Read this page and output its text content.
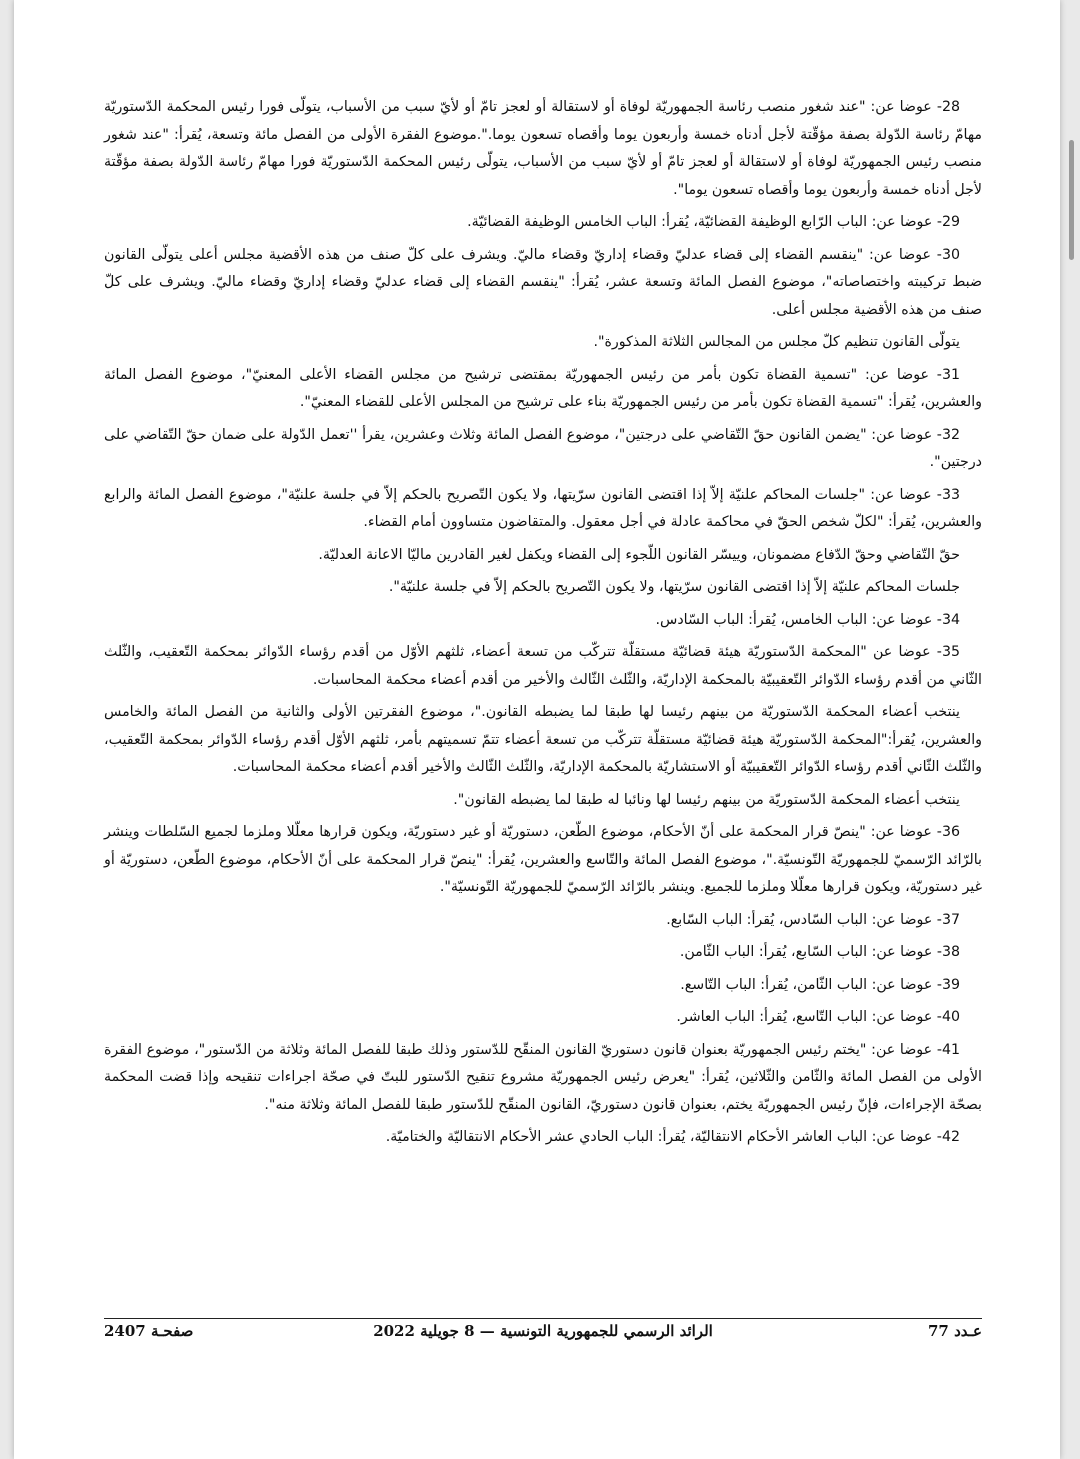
28- عوضا عن: "عند شغور منصب رئاسة الجمهوريّة لوفاة أو لاستقالة أو لعجز تامّ أو لأيّ سبب من الأسباب، يتولّى فورا رئيس المحكمة الدّستوريّة مهامّ رئاسة الدّولة بصفة مؤقّتة لأجل أدناه خمسة وأربعون يوما وأقصاه تسعون يوما.".موضوع الفقرة الأولى من الفصل مائة وتسعة، يُقرأ: "عند شغور منصب رئيس الجمهوريّة لوفاة أو لاستقالة أو لعجز تامّ أو لأيّ سبب من الأسباب، يتولّى رئيس المحكمة الدّستوريّة فورا مهامّ رئاسة الدّولة بصفة مؤقّتة لأجل أدناه خمسة وأربعون يوما وأقصاه تسعون يوما".

29- عوضا عن: الباب الرّابع الوظيفة القضائيّة، يُقرأ: الباب الخامس الوظيفة القضائيّة.

30- عوضا عن: "ينقسم القضاء إلى قضاء عدليّ وقضاء إداريّ وقضاء ماليّ. ويشرف على كلّ صنف من هذه الأقضية مجلس أعلى يتولّى القانون ضبط تركيبته واختصاصاته"، موضوع الفصل المائة وتسعة عشر، يُقرأ: "ينقسم القضاء إلى قضاء عدليّ وقضاء إداريّ وقضاء ماليّ. ويشرف على كلّ صنف من هذه الأقضية مجلس أعلى.

يتولّى القانون تنظيم كلّ مجلس من المجالس الثلاثة المذكورة".

31- عوضا عن: "تسمية القضاة تكون بأمر من رئيس الجمهوريّة بمقتضى ترشيح من مجلس القضاء الأعلى المعنيّ"، موضوع الفصل المائة والعشرين، يُقرأ: "تسمية القضاة تكون بأمر من رئيس الجمهوريّة بناء على ترشيح من المجلس الأعلى للقضاء المعنيّ".

32- عوضا عن: "يضمن القانون حقّ التّقاضي على درجتين"، موضوع الفصل المائة وثلاث وعشرين، يقرأ ''تعمل الدّولة على ضمان حقّ التّقاضي على درجتين".

33- عوضا عن: "جلسات المحاكم علنيّة إلاّ إذا اقتضى القانون سرّيتها، ولا يكون التّصريح بالحكم إلاّ في جلسة علنيّة"، موضوع الفصل المائة والرابع والعشرين، يُقرأ: "لكلّ شخص الحقّ في محاكمة عادلة في أجل معقول. والمتقاضون متساوون أمام القضاء.

حقّ التّقاضي وحقّ الدّفاع مضمونان، وييسّر القانون اللّجوء إلى القضاء ويكفل لغير القادرين ماليّا الاعانة العدليّة.

جلسات المحاكم علنيّة إلاّ إذا اقتضى القانون سرّيتها، ولا يكون التّصريح بالحكم إلاّ في جلسة علنيّة".

34- عوضا عن: الباب الخامس، يُقرأ: الباب السّادس.

35- عوضا عن "المحكمة الدّستوريّة هيئة قضائيّة مستقلّة تتركّب من تسعة أعضاء، ثلثهم الأوّل من أقدم رؤساء الدّوائر بمحكمة التّعقيب، والثّلث الثّاني من أقدم رؤساء الدّوائر التّعقيبيّة بالمحكمة الإداريّة، والثّلث الثّالث والأخير من أقدم أعضاء محكمة المحاسبات.

ينتخب أعضاء المحكمة الدّستوريّة من بينهم رئيسا لها طبقا لما يضبطه القانون."، موضوع الفقرتين الأولى والثانية من الفصل المائة والخامس والعشرين، يُقرأ:"المحكمة الدّستوريّة هيئة قضائيّة مستقلّة تتركّب من تسعة أعضاء تتمّ تسميتهم بأمر، ثلثهم الأوّل أقدم رؤساء الدّوائر بمحكمة التّعقيب، والثّلث الثّاني أقدم رؤساء الدّوائر التّعقيبيّة أو الاستشاريّة بالمحكمة الإداريّة، والثّلث الثّالث والأخير أقدم أعضاء محكمة المحاسبات.

ينتخب أعضاء المحكمة الدّستوريّة من بينهم رئيسا لها ونائبا له طبقا لما يضبطه القانون".

36- عوضا عن: "ينصّ قرار المحكمة على أنّ الأحكام، موضوع الطّعن، دستوريّة أو غير دستوريّة، ويكون قرارها معلّلا وملزما لجميع السّلطات وينشر بالرّائد الرّسميّ للجمهوريّة التّونسيّة."، موضوع الفصل المائة والتّاسع والعشرين، يُقرأ: "ينصّ قرار المحكمة على أنّ الأحكام، موضوع الطّعن، دستوريّة أو غير دستوريّة، ويكون قرارها معلّلا وملزما للجميع. وينشر بالرّائد الرّسميّ للجمهوريّة التّونسيّة".

37- عوضا عن: الباب السّادس، يُقرأ: الباب السّابع.

38- عوضا عن: الباب السّابع، يُقرأ: الباب الثّامن.

39- عوضا عن: الباب الثّامن، يُقرأ: الباب التّاسع.

40- عوضا عن: الباب التّاسع، يُقرأ: الباب العاشر.

41- عوضا عن: "يختم رئيس الجمهوريّة بعنوان قانون دستوريّ القانون المنقّح للدّستور وذلك طبقا للفصل المائة وثلاثة من الدّستور"، موضوع الفقرة الأولى من الفصل المائة والثّامن والثّلاثين، يُقرأ: "يعرض رئيس الجمهوريّة مشروع تنقيح الدّستور للبتّ في صحّة اجراءات تنقيحه وإذا قضت المحكمة بصحّة الإجراءات، فإنّ رئيس الجمهوريّة يختم، بعنوان قانون دستوريّ، القانون المنقّح للدّستور طبقا للفصل المائة وثلاثة منه".

42- عوضا عن: الباب العاشر الأحكام الانتقاليّة، يُقرأ: الباب الحادي عشر الأحكام الانتقاليّة والختاميّة.

عـدد 77
الرائد الرسمي للجمهورية التونسية — 8 جويلية 2022
صفحـة 2407
